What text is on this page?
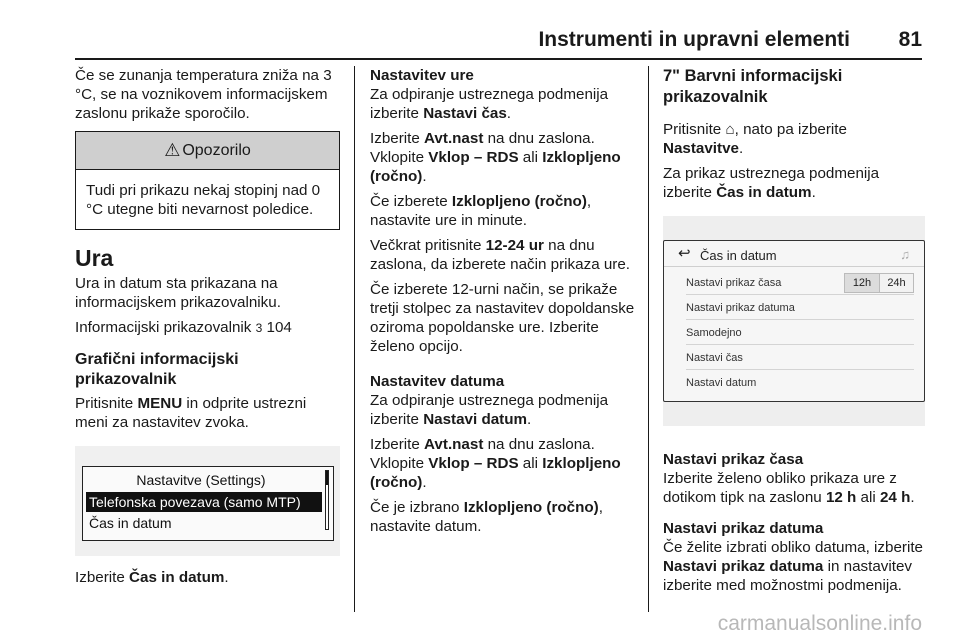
Instrumenti in upravni elementi 81

Če se zunanja temperatura zniža na 3 °C, se na voznikovem informacijskem zaslonu prikaže sporočilo.

⚠ Opozorilo
Tudi pri prikazu nekaj stopinj nad 0 °C utegne biti nevarnost poledice.
Ura

Ura in datum sta prikazana na informacijskem prikazovalniku.

Informacijski prikazovalnik 3 104

Grafični informacijski prikazovalnik

Pritisnite MENU in odprite ustrezni meni za nastavitev zvoka.

Nastavitve (Settings)
Telefonska povezava (samo MTP)
Čas in datum

Izberite Čas in datum.

Nastavitev ure

Za odpiranje ustreznega podmenija izberite Nastavi čas.

Izberite Avt.nast na dnu zaslona. Vklopite Vklop – RDS ali Izklopljeno (ročno).

Če izberete Izklopljeno (ročno), nastavite ure in minute.

Večkrat pritisnite 12-24 ur na dnu zaslona, da izberete način prikaza ure.

Če izberete 12-urni način, se prikaže tretji stolpec za nastavitev dopoldanske oziroma popoldanske ure. Izberite želeno opcijo.

Nastavitev datuma

Za odpiranje ustreznega podmenija izberite Nastavi datum.

Izberite Avt.nast na dnu zaslona. Vklopite Vklop – RDS ali Izklopljeno (ročno).

Če je izbrano Izklopljeno (ročno), nastavite datum.

7" Barvni informacijski prikazovalnik

Pritisnite ⌂, nato pa izberite Nastavitve.

Za prikaz ustreznega podmenija izberite Čas in datum.

↩ Čas in datum	♫
Nastavi prikaz časa	12h	24h
Nastavi prikaz datuma
Samodejno
Nastavi čas
Nastavi datum
Nastavi prikaz časa

Izberite želeno obliko prikaza ure z dotikom tipk na zaslonu 12 h ali 24 h.

Nastavi prikaz datuma

Če želite izbrati obliko datuma, izberite Nastavi prikaz datuma in nastavitev izberite med možnostmi podmenija.

carmanualsonline.info
